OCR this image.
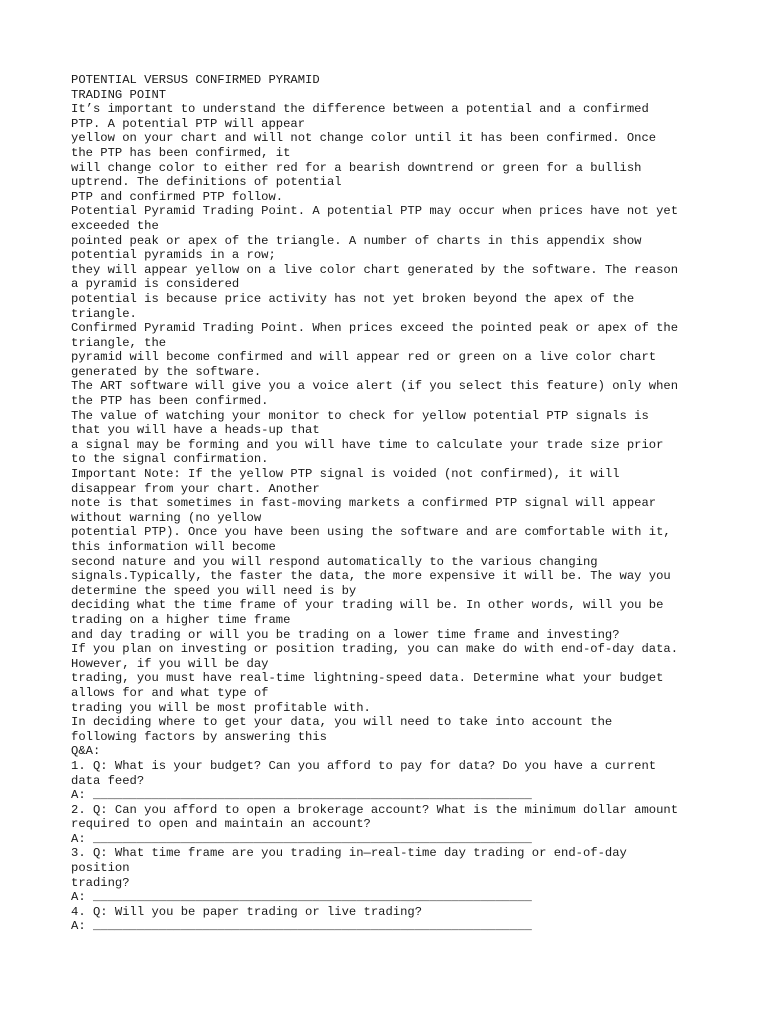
POTENTIAL VERSUS CONFIRMED PYRAMID
TRADING POINT
It’s important to understand the difference between a potential and a confirmed
PTP. A potential PTP will appear
yellow on your chart and will not change color until it has been confirmed. Once
the PTP has been confirmed, it
will change color to either red for a bearish downtrend or green for a bullish
uptrend. The definitions of potential
PTP and confirmed PTP follow.
Potential Pyramid Trading Point. A potential PTP may occur when prices have not yet
exceeded the
pointed peak or apex of the triangle. A number of charts in this appendix show
potential pyramids in a row;
they will appear yellow on a live color chart generated by the software. The reason
a pyramid is considered
potential is because price activity has not yet broken beyond the apex of the
triangle.
Confirmed Pyramid Trading Point. When prices exceed the pointed peak or apex of the
triangle, the
pyramid will become confirmed and will appear red or green on a live color chart
generated by the software.
The ART software will give you a voice alert (if you select this feature) only when
the PTP has been confirmed.
The value of watching your monitor to check for yellow potential PTP signals is
that you will have a heads-up that
a signal may be forming and you will have time to calculate your trade size prior
to the signal confirmation.
Important Note: If the yellow PTP signal is voided (not confirmed), it will
disappear from your chart. Another
note is that sometimes in fast-moving markets a confirmed PTP signal will appear
without warning (no yellow
potential PTP). Once you have been using the software and are comfortable with it,
this information will become
second nature and you will respond automatically to the various changing
signals.Typically, the faster the data, the more expensive it will be. The way you
determine the speed you will need is by
deciding what the time frame of your trading will be. In other words, will you be
trading on a higher time frame
and day trading or will you be trading on a lower time frame and investing?
If you plan on investing or position trading, you can make do with end-of-day data.
However, if you will be day
trading, you must have real-time lightning-speed data. Determine what your budget
allows for and what type of
trading you will be most profitable with.
In deciding where to get your data, you will need to take into account the
following factors by answering this
Q&A:
1. Q: What is your budget? Can you afford to pay for data? Do you have a current
data feed?
A: ____________________________________________________________
2. Q: Can you afford to open a brokerage account? What is the minimum dollar amount
required to open and maintain an account?
A: ____________________________________________________________
3. Q: What time frame are you trading in—real-time day trading or end-of-day
position
trading?
A: ____________________________________________________________
4. Q: Will you be paper trading or live trading?
A: ____________________________________________________________
